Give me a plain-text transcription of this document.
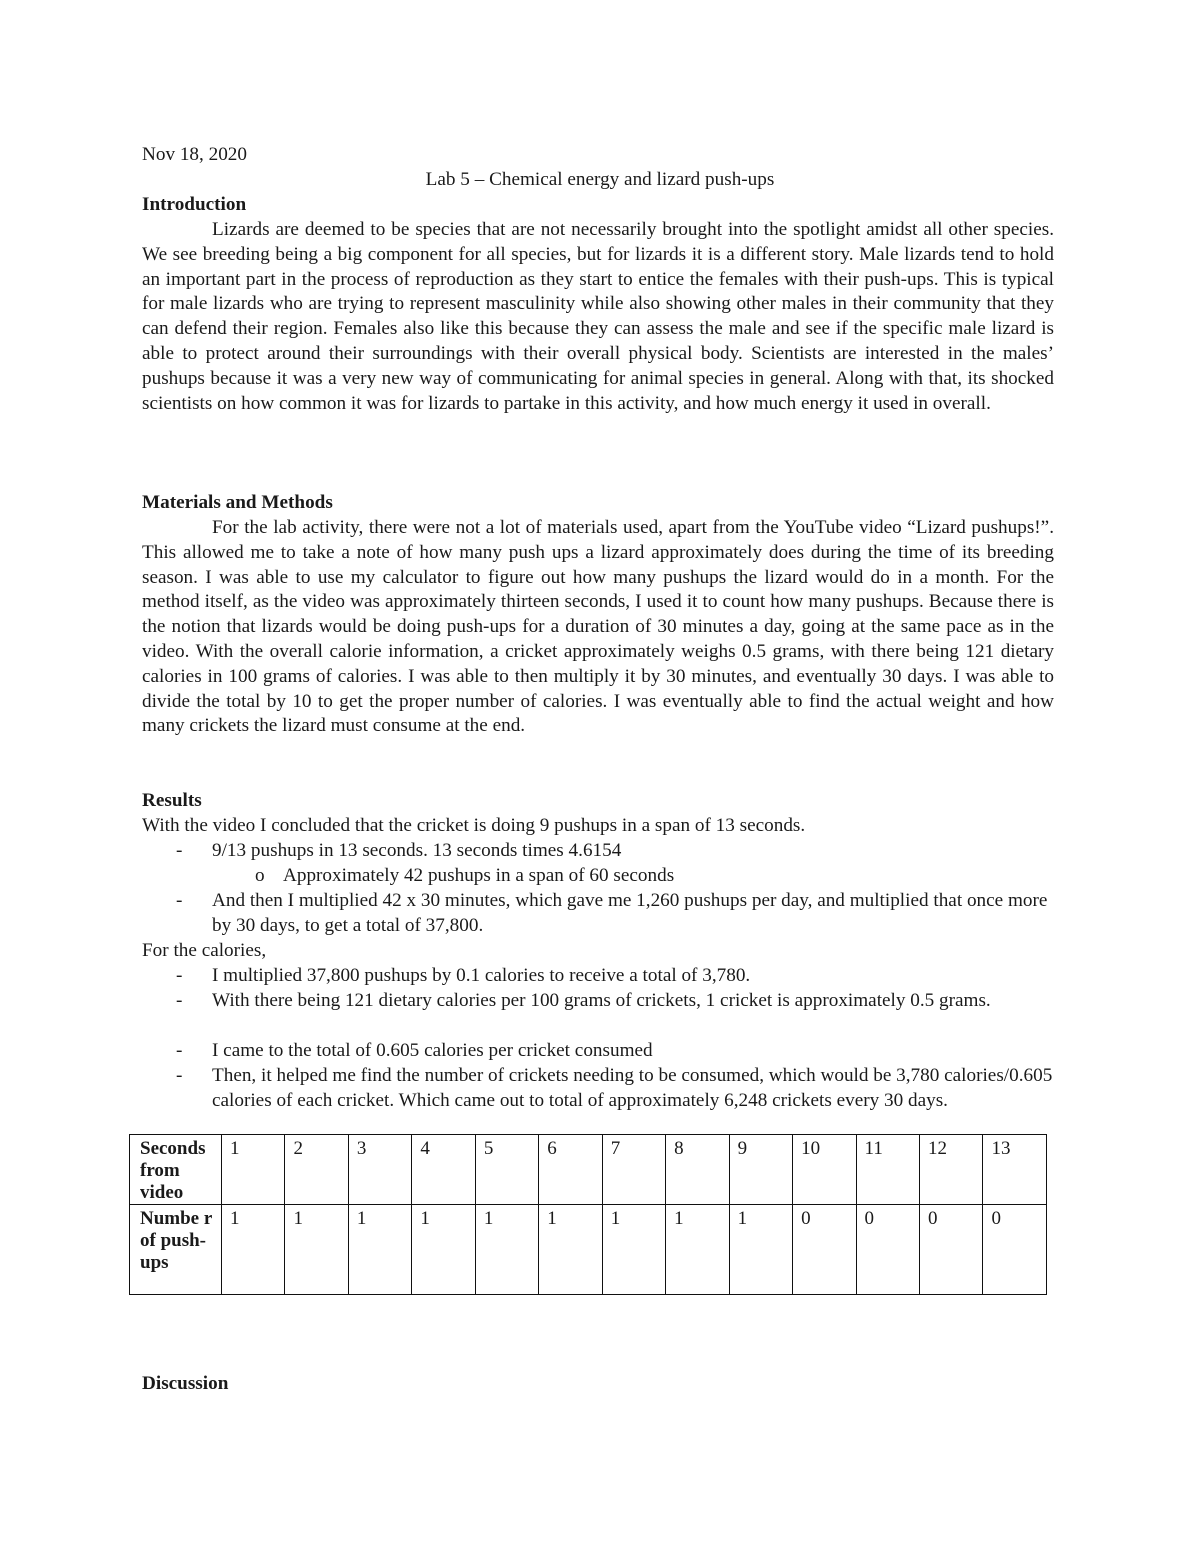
Nov 18, 2020
Lab 5 – Chemical energy and lizard push-ups
Introduction
Lizards are deemed to be species that are not necessarily brought into the spotlight amidst all other species. We see breeding being a big component for all species, but for lizards it is a different story. Male lizards tend to hold an important part in the process of reproduction as they start to entice the females with their push-ups. This is typical for male lizards who are trying to represent masculinity while also showing other males in their community that they can defend their region. Females also like this because they can assess the male and see if the specific male lizard is able to protect around their surroundings with their overall physical body. Scientists are interested in the males’ pushups because it was a very new way of communicating for animal species in general. Along with that, its shocked scientists on how common it was for lizards to partake in this activity, and how much energy it used in overall.
Materials and Methods
For the lab activity, there were not a lot of materials used, apart from the YouTube video “Lizard pushups!”. This allowed me to take a note of how many push ups a lizard approximately does during the time of its breeding season. I was able to use my calculator to figure out how many pushups the lizard would do in a month. For the method itself, as the video was approximately thirteen seconds, I used it to count how many pushups. Because there is the notion that lizards would be doing push-ups for a duration of 30 minutes a day, going at the same pace as in the video. With the overall calorie information, a cricket approximately weighs 0.5 grams, with there being 121 dietary calories in 100 grams of calories. I was able to then multiply it by 30 minutes, and eventually 30 days. I was able to divide the total by 10 to get the proper number of calories. I was eventually able to find the actual weight and how many crickets the lizard must consume at the end.
Results
With the video I concluded that the cricket is doing 9 pushups in a span of 13 seconds.
- 9/13 pushups in 13 seconds. 13 seconds times 4.6154
o Approximately 42 pushups in a span of 60 seconds
- And then I multiplied 42 x 30 minutes, which gave me 1,260 pushups per day, and multiplied that once more by 30 days, to get a total of 37,800.
For the calories,
- I multiplied 37,800 pushups by 0.1 calories to receive a total of 3,780.
- With there being 121 dietary calories per 100 grams of crickets, 1 cricket is approximately 0.5 grams.
- I came to the total of 0.605 calories per cricket consumed
- Then, it helped me find the number of crickets needing to be consumed, which would be 3,780 calories/0.605 calories of each cricket. Which came out to total of approximately 6,248 crickets every 30 days.
Seconds from video	1	2	3	4	5	6	7	8	9	10	11	12	13
Numbe r of push-ups	1	1	1	1	1	1	1	1	1	0	0	0	0
Discussion
